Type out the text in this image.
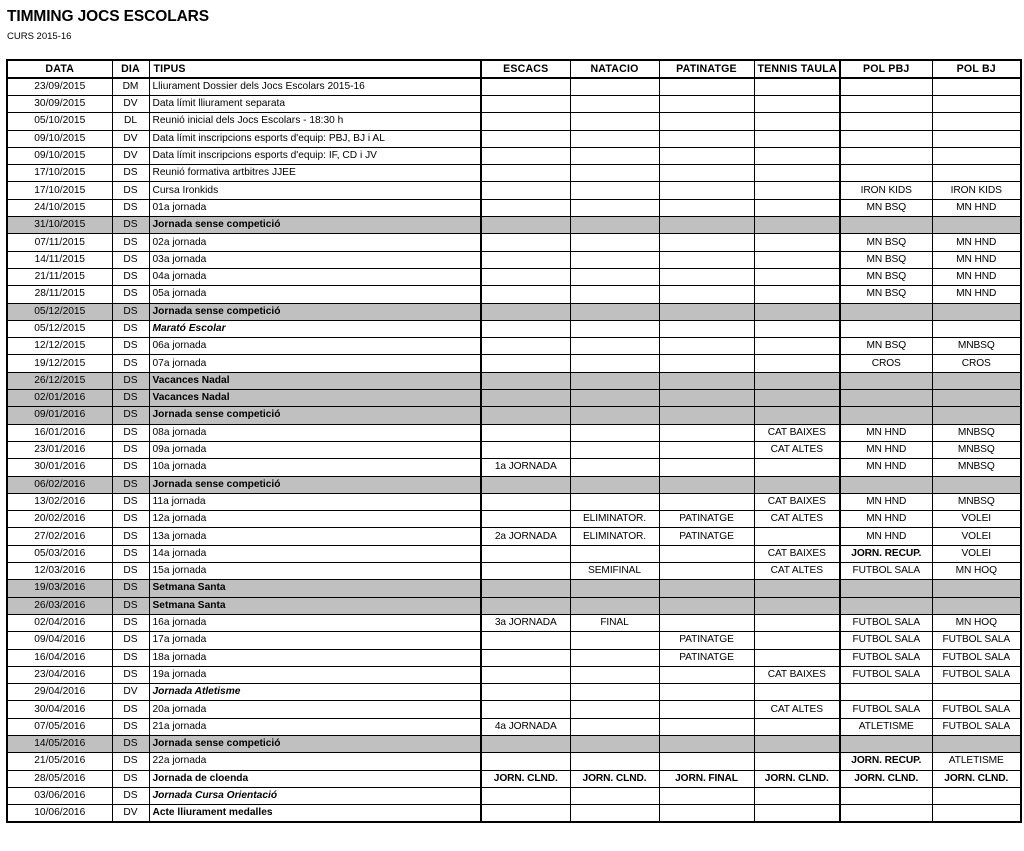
TIMMING JOCS ESCOLARS
CURS 2015-16
DATA	DIA	TIPUS	ESCACS	NATACIO	PATINATGE	TENNIS TAULA	POL PBJ	POL BJ
23/09/2015	DM	Lliurament Dossier dels Jocs Escolars 2015-16						
30/09/2015	DV	Data límit lliurament separata						
05/10/2015	DL	Reunió inicial dels Jocs Escolars - 18:30 h						
09/10/2015	DV	Data límit inscripcions esports d'equip: PBJ, BJ i AL						
09/10/2015	DV	Data límit inscripcions esports d'equip: IF, CD i JV						
17/10/2015	DS	Reunió formativa artbitres JJEE						
17/10/2015	DS	Cursa Ironkids					IRON KIDS	IRON KIDS
24/10/2015	DS	01a jornada					MN BSQ	MN HND
31/10/2015	DS	Jornada sense competició						
07/11/2015	DS	02a jornada					MN BSQ	MN HND
14/11/2015	DS	03a jornada					MN BSQ	MN HND
21/11/2015	DS	04a jornada					MN BSQ	MN HND
28/11/2015	DS	05a jornada					MN BSQ	MN HND
05/12/2015	DS	Jornada sense competició						
05/12/2015	DS	Marató Escolar						
12/12/2015	DS	06a jornada					MN BSQ	MNBSQ
19/12/2015	DS	07a jornada					CROS	CROS
26/12/2015	DS	Vacances Nadal						
02/01/2016	DS	Vacances Nadal						
09/01/2016	DS	Jornada sense competició						
16/01/2016	DS	08a jornada				CAT BAIXES	MN HND	MNBSQ
23/01/2016	DS	09a jornada				CAT ALTES	MN HND	MNBSQ
30/01/2016	DS	10a jornada	1a JORNADA				MN HND	MNBSQ
06/02/2016	DS	Jornada sense competició						
13/02/2016	DS	11a jornada				CAT BAIXES	MN HND	MNBSQ
20/02/2016	DS	12a jornada		ELIMINATOR.	PATINATGE	CAT ALTES	MN HND	VOLEI
27/02/2016	DS	13a jornada	2a JORNADA	ELIMINATOR.	PATINATGE		MN HND	VOLEI
05/03/2016	DS	14a jornada				CAT BAIXES	JORN. RECUP.	VOLEI
12/03/2016	DS	15a jornada		SEMIFINAL		CAT ALTES	FUTBOL SALA	MN HOQ
19/03/2016	DS	Setmana Santa						
26/03/2016	DS	Setmana Santa						
02/04/2016	DS	16a jornada	3a JORNADA	FINAL			FUTBOL SALA	MN HOQ
09/04/2016	DS	17a jornada			PATINATGE		FUTBOL SALA	FUTBOL SALA
16/04/2016	DS	18a jornada			PATINATGE		FUTBOL SALA	FUTBOL SALA
23/04/2016	DS	19a jornada				CAT BAIXES	FUTBOL SALA	FUTBOL SALA
29/04/2016	DV	Jornada Atletisme						
30/04/2016	DS	20a jornada				CAT ALTES	FUTBOL SALA	FUTBOL SALA
07/05/2016	DS	21a jornada	4a JORNADA				ATLETISME	FUTBOL SALA
14/05/2016	DS	Jornada sense competició						
21/05/2016	DS	22a jornada					JORN. RECUP.	ATLETISME
28/05/2016	DS	Jornada de cloenda	JORN. CLND.	JORN. CLND.	JORN. FINAL	JORN. CLND.	JORN. CLND.	JORN. CLND.
03/06/2016	DS	Jornada Cursa Orientació						
10/06/2016	DV	Acte lliurament medalles						
